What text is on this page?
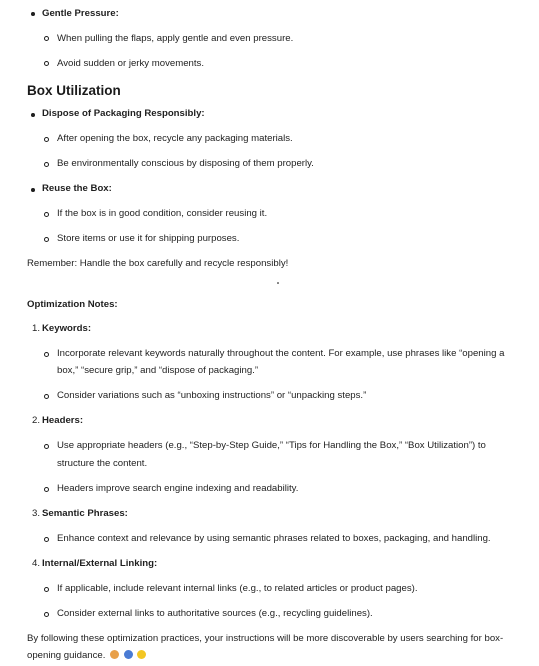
Gentle Pressure:
When pulling the flaps, apply gentle and even pressure.
Avoid sudden or jerky movements.
Box Utilization
Dispose of Packaging Responsibly:
After opening the box, recycle any packaging materials.
Be environmentally conscious by disposing of them properly.
Reuse the Box:
If the box is in good condition, consider reusing it.
Store items or use it for shipping purposes.
Remember: Handle the box carefully and recycle responsibly!
Optimization Notes:
1. Keywords:
Incorporate relevant keywords naturally throughout the content. For example, use phrases like “opening a
box,” “secure grip,” and “dispose of packaging.”
Consider variations such as “unboxing instructions” or “unpacking steps.”
2. Headers:
Use appropriate headers (e.g., “Step-by-Step Guide,” “Tips for Handling the Box,” “Box Utilization”) to
structure the content.
Headers improve search engine indexing and readability.
3. Semantic Phrases:
Enhance context and relevance by using semantic phrases related to boxes, packaging, and handling.
4. Internal/External Linking:
If applicable, include relevant internal links (e.g., to related articles or product pages).
Consider external links to authoritative sources (e.g., recycling guidelines).
By following these optimization practices, your instructions will be more discoverable by users searching for box-
opening guidance.
